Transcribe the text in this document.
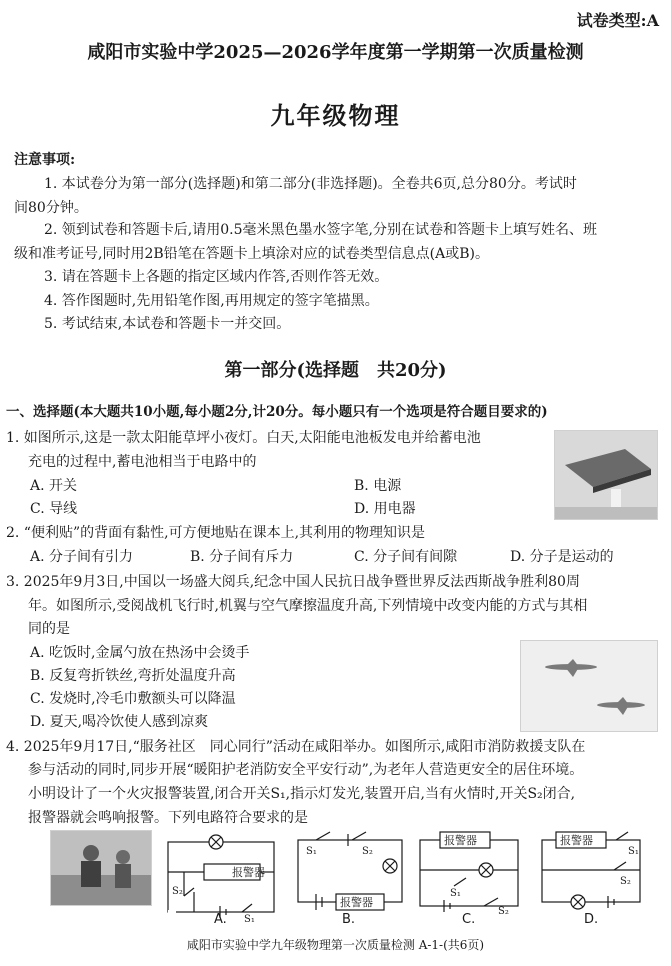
试卷类型:A
咸阳市实验中学2025—2026学年度第一学期第一次质量检测
九年级物理
注意事项:
1. 本试卷分为第一部分(选择题)和第二部分(非选择题)。全卷共6页,总分80分。考试时
间80分钟。
2. 领到试卷和答题卡后,请用0.5毫米黑色墨水签字笔,分别在试卷和答题卡上填写姓名、班
级和准考证号,同时用2B铅笔在答题卡上填涂对应的试卷类型信息点(A或B)。
3. 请在答题卡上各题的指定区域内作答,否则作答无效。
4. 答作图题时,先用铅笔作图,再用规定的签字笔描黑。
5. 考试结束,本试卷和答题卡一并交回。
第一部分(选择题　共20分)
一、选择题(本大题共10小题,每小题2分,计20分。每小题只有一个选项是符合题目要求的)
1. 如图所示,这是一款太阳能草坪小夜灯。白天,太阳能电池板发电并给蓄电池
充电的过程中,蓄电池相当于电路中的
A. 开关	B. 电源
C. 导线	D. 用电器
2. “便利贴”的背面有黏性,可方便地贴在课本上,其利用的物理知识是
A. 分子间有引力	B. 分子间有斥力	C. 分子间有间隙	D. 分子是运动的
3. 2025年9月3日,中国以一场盛大阅兵,纪念中国人民抗日战争暨世界反法西斯战争胜利80周
年。如图所示,受阅战机飞行时,机翼与空气摩擦温度升高,下列情境中改变内能的方式与其相
同的是
A. 吃饭时,金属勺放在热汤中会烫手
B. 反复弯折铁丝,弯折处温度升高
C. 发烧时,冷毛巾敷额头可以降温
D. 夏天,喝冷饮使人感到凉爽
4. 2025年9月17日,“服务社区　同心同行”活动在咸阳举办。如图所示,咸阳市消防救援支队在
参与活动的同时,同步开展“暖阳护老消防安全平安行动”,为老年人营造更安全的居住环境。
小明设计了一个火灾报警装置,闭合开关S₁,指示灯发光,装置开启,当有火情时,开关S₂闭合,
报警器就会鸣响报警。下列电路符合要求的是
报警器
S₂
S₁
A.
S₁	S₂
报警器
B.
报警器
S₁
S₂
C.
报警器
S₁
S₂
D.
咸阳市实验中学九年级物理第一次质量检测 A-1-(共6页)
